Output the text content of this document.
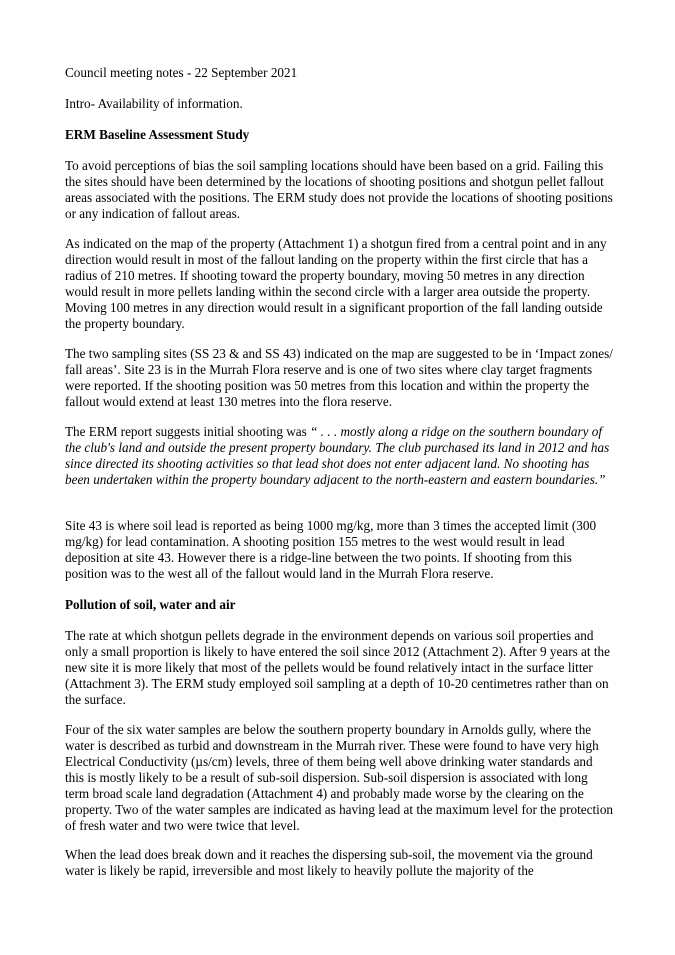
Council meeting notes - 22 September 2021

Intro- Availability of information.

ERM Baseline Assessment Study

To avoid perceptions of bias the soil sampling locations should have been based on a grid. Failing this the sites should have been determined by the locations of shooting positions and shotgun pellet fallout areas associated with the positions. The ERM study does not provide the locations of shooting positions or any indication of fallout areas.

As indicated on the map of the property (Attachment 1) a shotgun fired from a central point and in any direction would result in most of the fallout landing on the property within the first circle that has a radius of 210 metres. If shooting toward the property boundary, moving 50 metres in any direction would result in more pellets landing within the second circle with a larger area outside the property. Moving 100 metres in any direction would result in a significant proportion of the fall landing outside the property boundary.

The two sampling sites (SS 23 & and SS 43) indicated on the map are suggested to be in ‘Impact zones/ fall areas’. Site 23 is in the Murrah Flora reserve and is one of two sites where clay target fragments were reported. If the shooting position was 50 metres from this location and within the property the fallout would extend at least 130 metres into the flora reserve.

The ERM report suggests initial shooting was “ . . . mostly along a ridge on the southern boundary of the club's land and outside the present property boundary. The club purchased its land in 2012 and has since directed its shooting activities so that lead shot does not enter adjacent land. No shooting has been undertaken within the property boundary adjacent to the north-eastern and eastern boundaries.”

Site 43 is where soil lead is reported as being 1000 mg/kg, more than 3 times the accepted limit (300 mg/kg) for lead contamination. A shooting position 155 metres to the west would result in lead deposition at site 43. However there is a ridge-line between the two points. If shooting from this position was to the west all of the fallout would land in the Murrah Flora reserve.

Pollution of soil, water and air

The rate at which shotgun pellets degrade in the environment depends on various soil properties and only a small proportion is likely to have entered the soil since 2012 (Attachment 2). After 9 years at the new site it is more likely that most of the pellets would be found relatively intact in the surface litter (Attachment 3). The ERM study employed soil sampling at a depth of 10-20 centimetres rather than on the surface.

Four of the six water samples are below the southern property boundary in Arnolds gully, where the water is described as turbid and downstream in the Murrah river. These were found to have very high Electrical Conductivity (µs/cm) levels, three of them being well above drinking water standards and this is mostly likely to be a result of sub-soil dispersion. Sub-soil dispersion is associated with long term broad scale land degradation (Attachment 4) and probably made worse by the clearing on the property. Two of the water samples are indicated as having lead at the maximum level for the protection of fresh water and two were twice that level.

When the lead does break down and it reaches the dispersing sub-soil, the movement via the ground water is likely be rapid, irreversible and most likely to heavily pollute the majority of the
